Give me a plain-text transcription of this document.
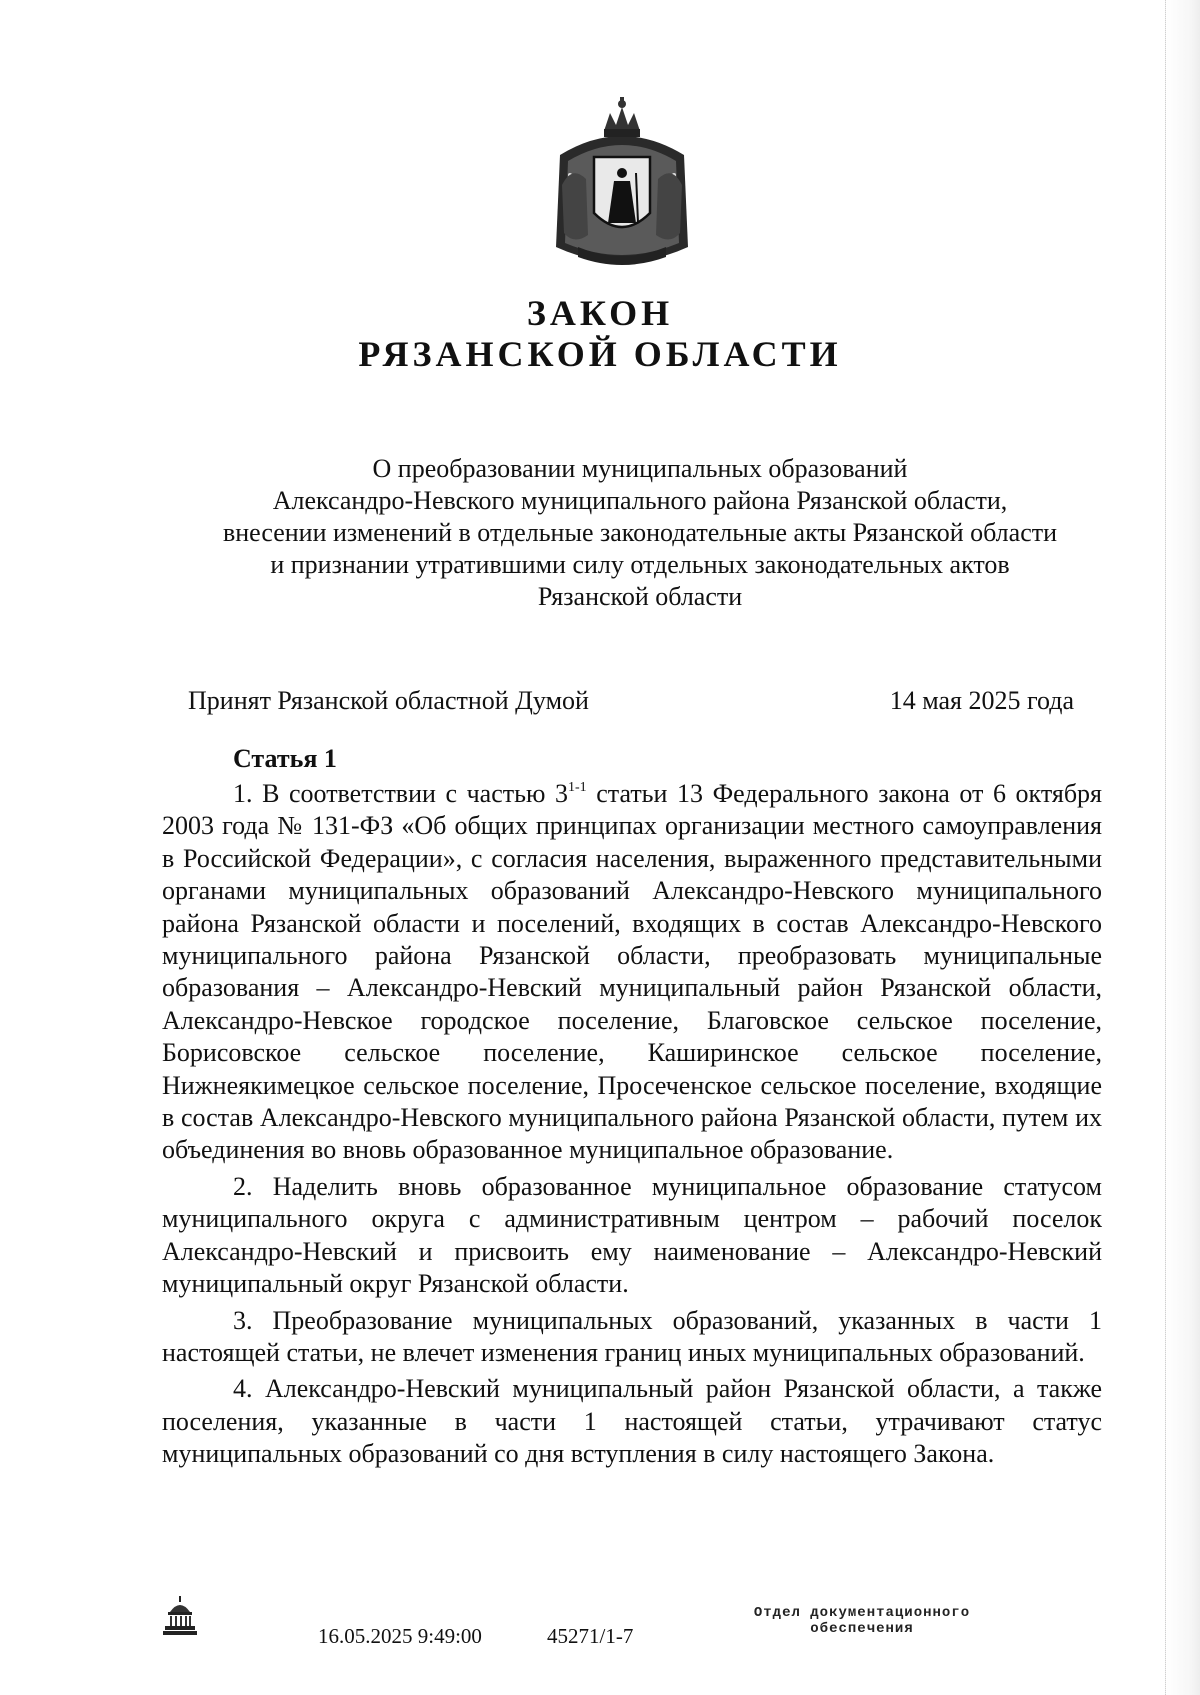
ЗАКОН
РЯЗАНСКОЙ ОБЛАСТИ
О преобразовании муниципальных образований
Александро-Невского муниципального района Рязанской области,
внесении изменений в отдельные законодательные акты Рязанской области
и признании утратившими силу отдельных законодательных актов
Рязанской области
Принят Рязанской областной Думой	14 мая 2025 года
Статья 1

1. В соответствии с частью 3$^{1-1}$ статьи 13 Федерального закона от 6 октября 2003 года № 131-ФЗ «Об общих принципах организации местного самоуправления в Российской Федерации», с согласия населения, выраженного представительными органами муниципальных образований Александро-Невского муниципального района Рязанской области и поселений, входящих в состав Александро-Невского муниципального района Рязанской области, преобразовать муниципальные образования – Александро-Невский муниципальный район Рязанской области, Александро-Невское городское поселение, Благовское сельское поселение, Борисовское сельское поселение, Каширинское сельское поселение, Нижнеякимецкое сельское поселение, Просеченское сельское поселение, входящие в состав Александро-Невского муниципального района Рязанской области, путем их объединения во вновь образованное муниципальное образование.

2. Наделить вновь образованное муниципальное образование статусом муниципального округа с административным центром – рабочий поселок Александро-Невский и присвоить ему наименование – Александро-Невский муниципальный округ Рязанской области.

3. Преобразование муниципальных образований, указанных в части 1 настоящей статьи, не влечет изменения границ иных муниципальных образований.

4. Александро-Невский муниципальный район Рязанской области, а также поселения, указанные в части 1 настоящей статьи, утрачивают статус муниципальных образований со дня вступления в силу настоящего Закона.

16.05.2025 9:49:00	45271/1-7
Отдел документационного
обеспечения
